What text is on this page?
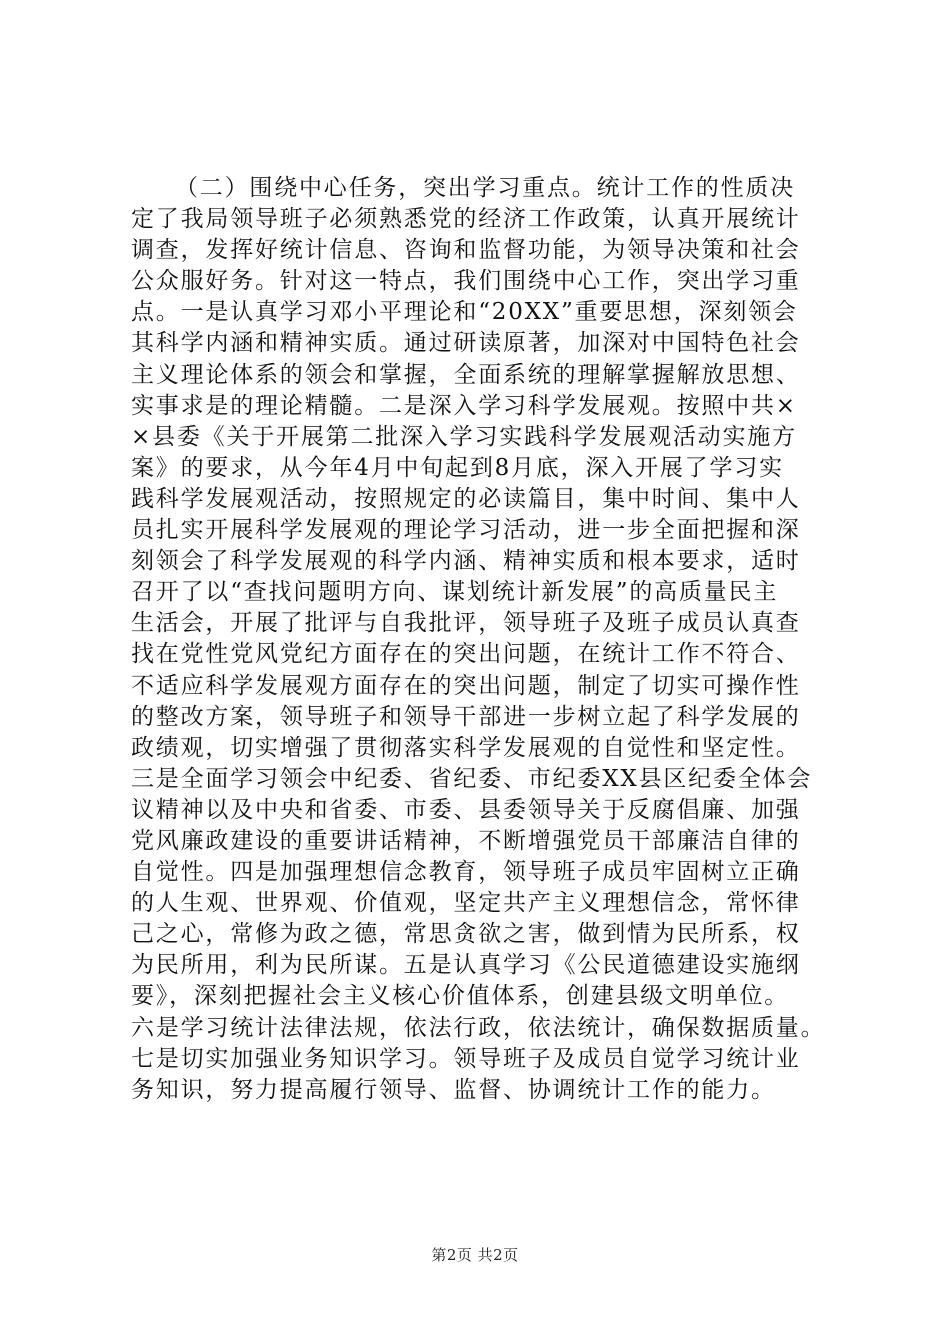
（二）围绕中心任务，突出学习重点。统计工作的性质决
定了我局领导班子必须熟悉党的经济工作政策，认真开展统计
调查，发挥好统计信息、咨询和监督功能，为领导决策和社会
公众服好务。针对这一特点，我们围绕中心工作，突出学习重
点。一是认真学习邓小平理论和“20XX”重要思想，深刻领会
其科学内涵和精神实质。通过研读原著，加深对中国特色社会
主义理论体系的领会和掌握，全面系统的理解掌握解放思想、
实事求是的理论精髓。二是深入学习科学发展观。按照中共×
×县委《关于开展第二批深入学习实践科学发展观活动实施方
案》的要求，从今年4月中旬起到8月底，深入开展了学习实
践科学发展观活动，按照规定的必读篇目，集中时间、集中人
员扎实开展科学发展观的理论学习活动，进一步全面把握和深
刻领会了科学发展观的科学内涵、精神实质和根本要求，适时
召开了以“查找问题明方向、谋划统计新发展”的高质量民主
生活会，开展了批评与自我批评，领导班子及班子成员认真查
找在党性党风党纪方面存在的突出问题，在统计工作不符合、
不适应科学发展观方面存在的突出问题，制定了切实可操作性
的整改方案，领导班子和领导干部进一步树立起了科学发展的
政绩观，切实增强了贯彻落实科学发展观的自觉性和坚定性。
三是全面学习领会中纪委、省纪委、市纪委XX县区纪委全体会
议精神以及中央和省委、市委、县委领导关于反腐倡廉、加强
党风廉政建设的重要讲话精神，不断增强党员干部廉洁自律的
自觉性。四是加强理想信念教育，领导班子成员牢固树立正确
的人生观、世界观、价值观，坚定共产主义理想信念，常怀律
己之心，常修为政之德，常思贪欲之害，做到情为民所系，权
为民所用，利为民所谋。五是认真学习《公民道德建设实施纲
要》，深刻把握社会主义核心价值体系，创建县级文明单位。
六是学习统计法律法规，依法行政，依法统计，确保数据质量。
七是切实加强业务知识学习。领导班子及成员自觉学习统计业
务知识，努力提高履行领导、监督、协调统计工作的能力。
第2页 共2页
